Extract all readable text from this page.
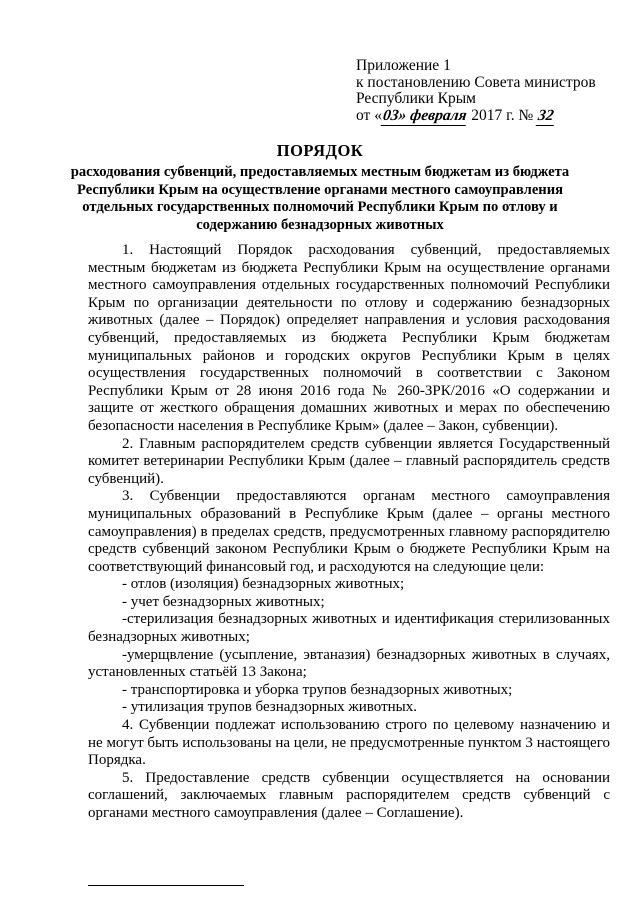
Приложение 1
к постановлению Совета министров
Республики Крым
от «03» февраля 2017 г. № 32
ПОРЯДОК
расходования субвенций, предоставляемых местным бюджетам из бюджета Республики Крым на осуществление органами местного самоуправления отдельных государственных полномочий Республики Крым по отлову и содержанию безнадзорных животных

1. Настоящий Порядок расходования субвенций, предоставляемых местным бюджетам из бюджета Республики Крым на осуществление органами местного самоуправления отдельных государственных полномочий Республики Крым по организации деятельности по отлову и содержанию безнадзорных животных (далее – Порядок) определяет направления и условия расходования субвенций, предоставляемых из бюджета Республики Крым бюджетам муниципальных районов и городских округов Республики Крым в целях осуществления государственных полномочий в соответствии с Законом Республики Крым от 28 июня 2016 года № 260-ЗРК/2016 «О содержании и защите от жесткого обращения домашних животных и мерах по обеспечению безопасности населения в Республике Крым» (далее – Закон, субвенции).

2. Главным распорядителем средств субвенции является Государственный комитет ветеринарии Республики Крым (далее – главный распорядитель средств субвенций).

3. Субвенции предоставляются органам местного самоуправления муниципальных образований в Республике Крым (далее – органы местного самоуправления) в пределах средств, предусмотренных главному распорядителю средств субвенций законом Республики Крым о бюджете Республики Крым на соответствующий финансовый год, и расходуются на следующие цели:

- отлов (изоляция) безнадзорных животных;

- учет безнадзорных животных;

-стерилизация безнадзорных животных и идентификация стерилизованных безнадзорных животных;

-умерщвление (усыпление, эвтаназия) безнадзорных животных в случаях, установленных статьёй 13 Закона;

- транспортировка и уборка трупов безнадзорных животных;

- утилизация трупов безнадзорных животных.

4. Субвенции подлежат использованию строго по целевому назначению и не могут быть использованы на цели, не предусмотренные пунктом 3 настоящего Порядка.

5. Предоставление средств субвенции осуществляется на основании соглашений, заключаемых главным распорядителем средств субвенций с органами местного самоуправления (далее – Соглашение).
